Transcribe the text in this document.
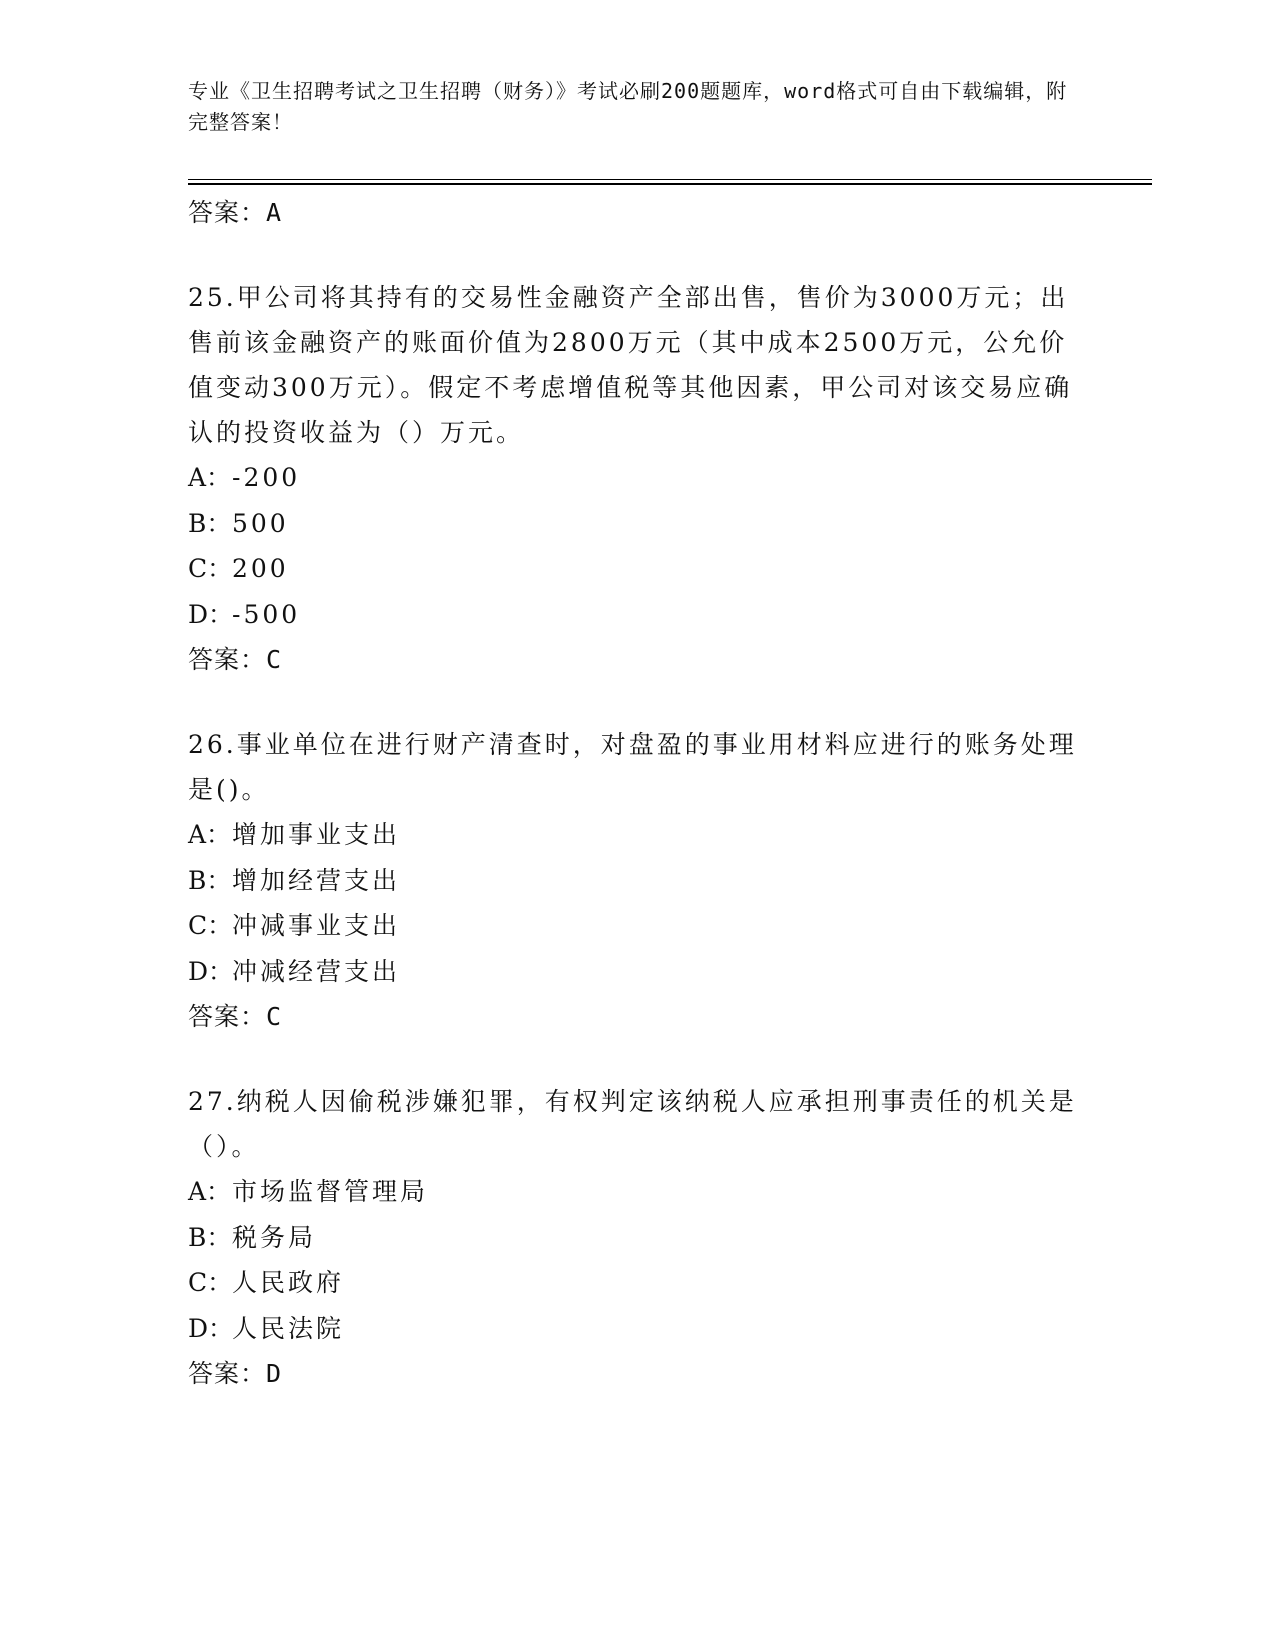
专业《卫生招聘考试之卫生招聘（财务）》考试必刷200题题库，word格式可自由下载编辑，附完整答案！
答案：A
25.甲公司将其持有的交易性金融资产全部出售，售价为3000万元；出售前该金融资产的账面价值为2800万元（其中成本2500万元，公允价值变动300万元）。假定不考虑增值税等其他因素，甲公司对该交易应确认的投资收益为（）万元。
A： -200
B： 500
C： 200
D：
-500
答案：C
26.事业单位在进行财产清查时，对盘盈的事业用材料应进行的账务处理是()。
A： 增加事业支出
B： 增加经营支出
C： 冲减事业支出
D：
冲减经营支出
答案：C
27.纳税人因偷税涉嫌犯罪，有权判定该纳税人应承担刑事责任的机关是（）。
A： 市场监督管理局
B： 税务局
C： 人民政府
D：
人民法院
答案：D
